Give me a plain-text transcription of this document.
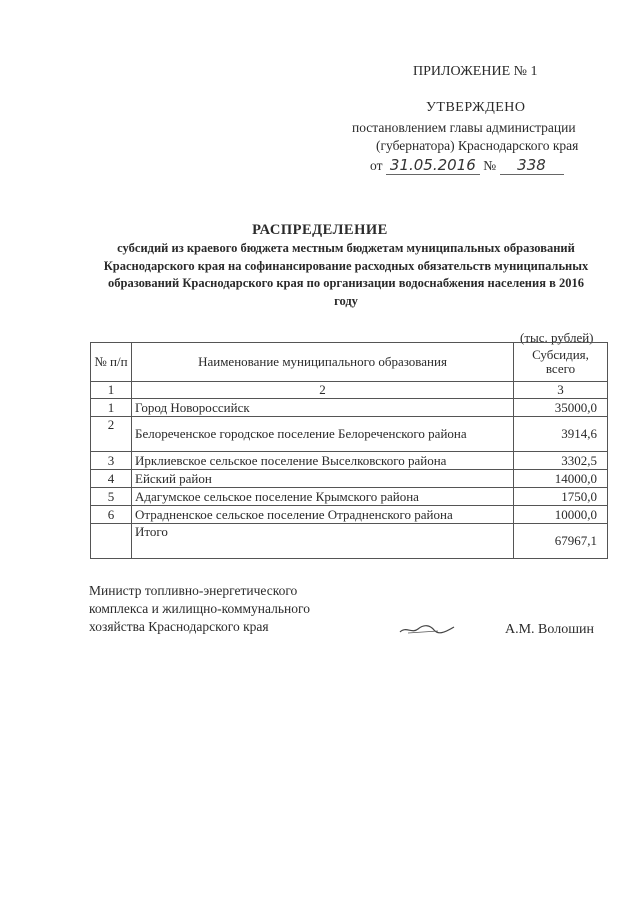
ПРИЛОЖЕНИЕ № 1
УТВЕРЖДЕНО
постановлением главы администрации
(губернатора) Краснодарского края
от 31.05.2016 № 338
РАСПРЕДЕЛЕНИЕ
субсидий из краевого бюджета местным бюджетам муниципальных образований Краснодарского края на софинансирование расходных обязательств муниципальных образований Краснодарского края по организации водоснабжения населения в 2016 году
(тыс. рублей)
№ п/п	Наименование муниципального образования	Субсидия, всего
1	2	3
1	Город Новороссийск	35000,0
2	Белореченское городское поселение Белореченского района	3914,6
3	Ирклиевское сельское поселение Выселковского района	3302,5
4	Ейский район	14000,0
5	Адагумское сельское поселение Крымского района	1750,0
6	Отрадненское сельское поселение Отрадненского района	10000,0
	Итого	67967,1
Министр топливно-энергетического
комплекса и жилищно-коммунального
хозяйства Краснодарского края	А.М. Волошин
